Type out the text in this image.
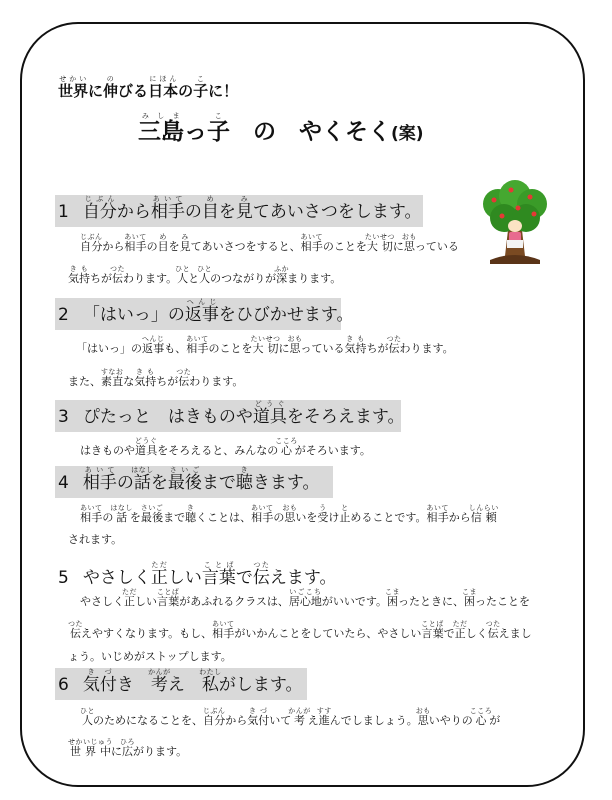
世界せかいに伸のびる日本にほんの子こに！
三島みしまっ子こ　の　やくそく(案)
1 自分じぶんから相手あいての目めを見みてあいさつをします。
自分じぶんから相手あいての目めを見みてあいさつをすると、相手あいてのことを大切たいせつに思おもっている
気持きもちが伝つたわります。人ひとと人ひとのつながりが深ふかまります。
2 「はいっ」の返事へんじをひびかせます。
「はいっ」の返事へんじも、相手あいてのことを大切たいせつに思おもっている気持きもちが伝つたわります。
また、素直すなおな気持きもちが伝つたわります。
3 ぴたっと　はきものや道具どうぐをそろえます。
はきものや道具どうぐをそろえると、みんなの心こころがそろいます。
4 相手あいての話はなしを最後さいごまで聴ききます。
相手あいての話はなしを最後さいごまで聴きくことは、相手あいての思おもいを受うけ止とめることです。相手あいてから信頼しんらい
されます。
5 やさしく正ただしい言葉ことばで伝つたえます。
やさしく正ただしい言葉ことばがあふれるクラスは、居心地いごこちがいいです。困こまったときに、困こまったことを
伝つたえやすくなります。もし、相手あいてがいかんことをしていたら、やさしい言葉ことばで正ただしく伝つたえまし
ょう。いじめがストップします。
6 気付きづき　考かんがえ　私わたしがします。
人ひとのためになることを、自分じぶんから気付きづいて考かんがえ進すすんでしましょう。思おもいやりの心こころが
世界中せかいじゅうに広ひろがります。
